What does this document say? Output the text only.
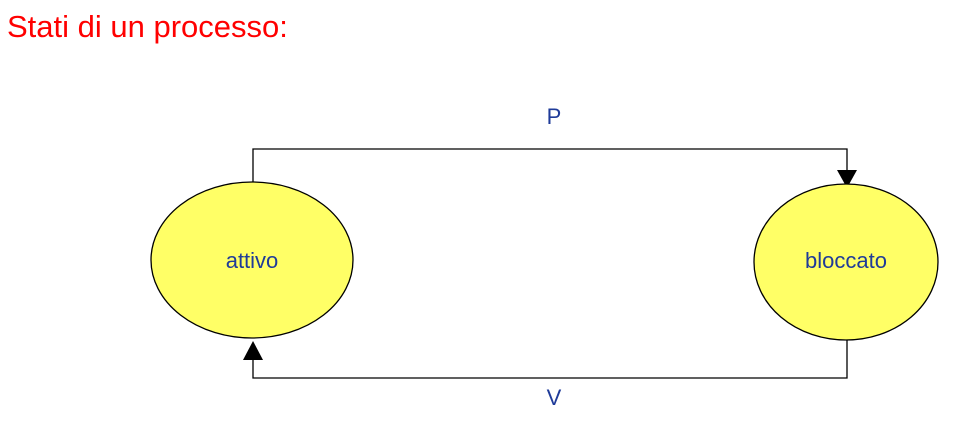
Stati di un processo:
attivo	bloccato
P
V
